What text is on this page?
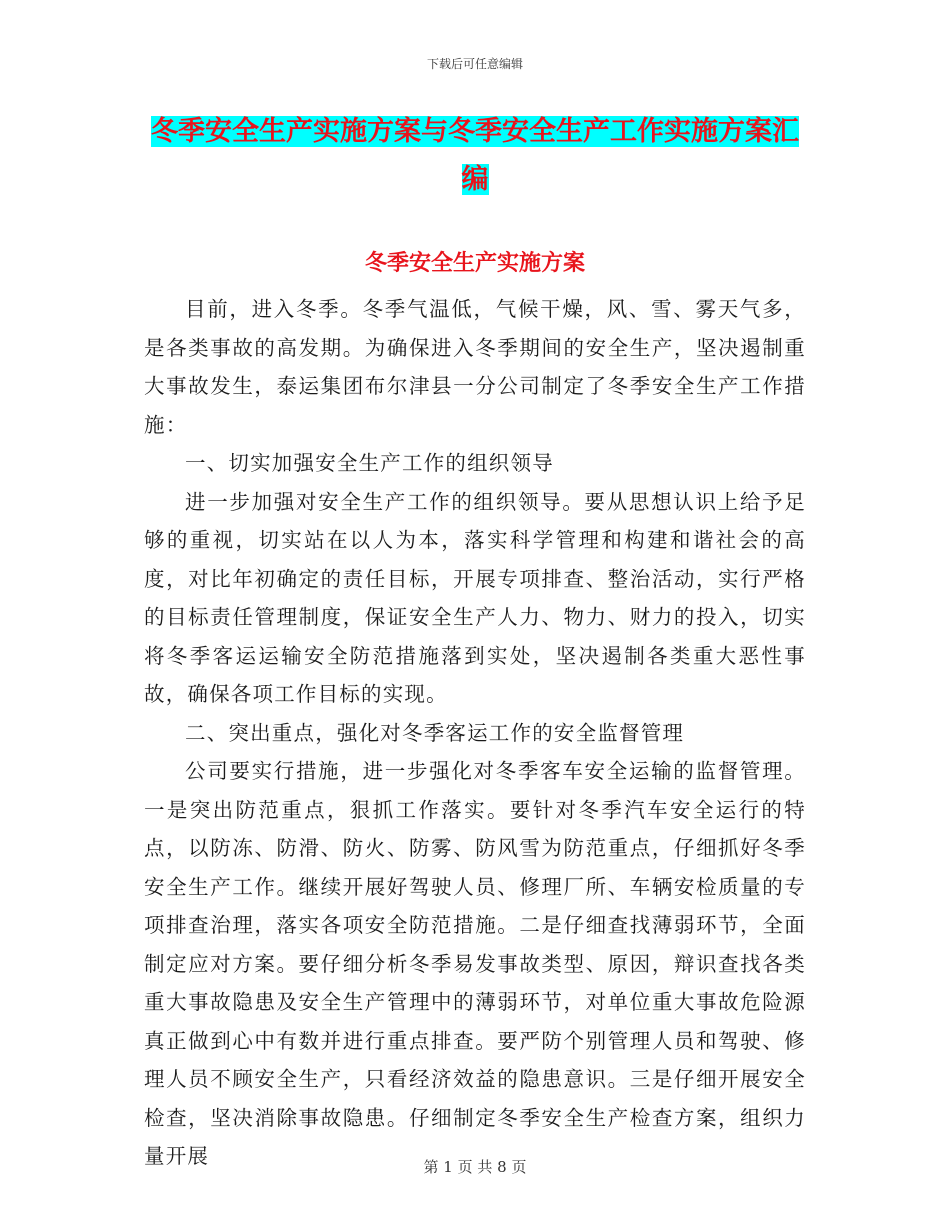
下载后可任意编辑
冬季安全生产实施方案与冬季安全生产工作实施方案汇编
冬季安全生产实施方案

目前，进入冬季。冬季气温低，气候干燥，风、雪、雾天气多，是各类事故的高发期。为确保进入冬季期间的安全生产，坚决遏制重大事故发生，泰运集团布尔津县一分公司制定了冬季安全生产工作措施：

一、切实加强安全生产工作的组织领导

进一步加强对安全生产工作的组织领导。要从思想认识上给予足够的重视，切实站在以人为本，落实科学管理和构建和谐社会的高度，对比年初确定的责任目标，开展专项排查、整治活动，实行严格的目标责任管理制度，保证安全生产人力、物力、财力的投入，切实将冬季客运运输安全防范措施落到实处，坚决遏制各类重大恶性事故，确保各项工作目标的实现。

二、突出重点，强化对冬季客运工作的安全监督管理

公司要实行措施，进一步强化对冬季客车安全运输的监督管理。一是突出防范重点，狠抓工作落实。要针对冬季汽车安全运行的特点，以防冻、防滑、防火、防雾、防风雪为防范重点，仔细抓好冬季安全生产工作。继续开展好驾驶人员、修理厂所、车辆安检质量的专项排查治理，落实各项安全防范措施。二是仔细查找薄弱环节，全面制定应对方案。要仔细分析冬季易发事故类型、原因，辩识查找各类重大事故隐患及安全生产管理中的薄弱环节，对单位重大事故危险源真正做到心中有数并进行重点排查。要严防个别管理人员和驾驶、修理人员不顾安全生产，只看经济效益的隐患意识。三是仔细开展安全检查，坚决消除事故隐患。仔细制定冬季安全生产检查方案，组织力量开展	第 1 页 共 8 页
